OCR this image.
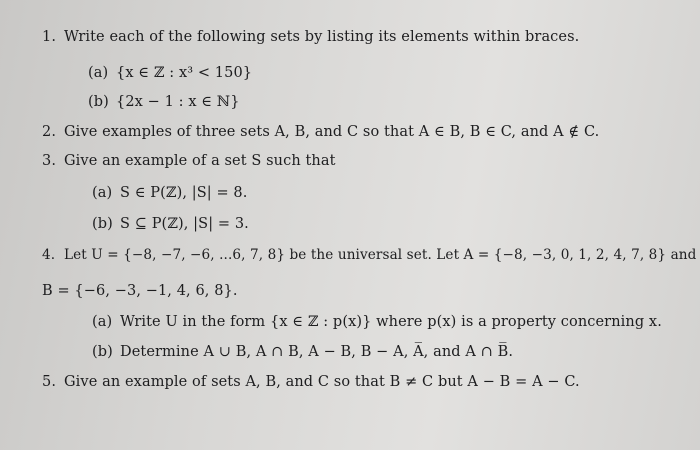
1. Write each of the following sets by listing its elements within braces.
(a) {x ∈ ℤ : x³ < 150}
(b) {2x − 1 : x ∈ ℕ}
2. Give examples of three sets A, B, and C so that A ∈ B, B ∈ C, and A ∉ C.
3. Give an example of a set S such that
(a) S ∈ P(ℤ), |S| = 8.
(b) S ⊆ P(ℤ), |S| = 3.
4. Let U = {−8, −7, −6, ...6, 7, 8} be the universal set. Let A = {−8, −3, 0, 1, 2, 4, 7, 8} and
B = {−6, −3, −1, 4, 6, 8}.
(a) Write U in the form {x ∈ ℤ : p(x)} where p(x) is a property concerning x.
(b) Determine A ∪ B, A ∩ B, A − B, B − A, A̅, and A ∩ B̅.
5. Give an example of sets A, B, and C so that B ≠ C but A − B = A − C.
